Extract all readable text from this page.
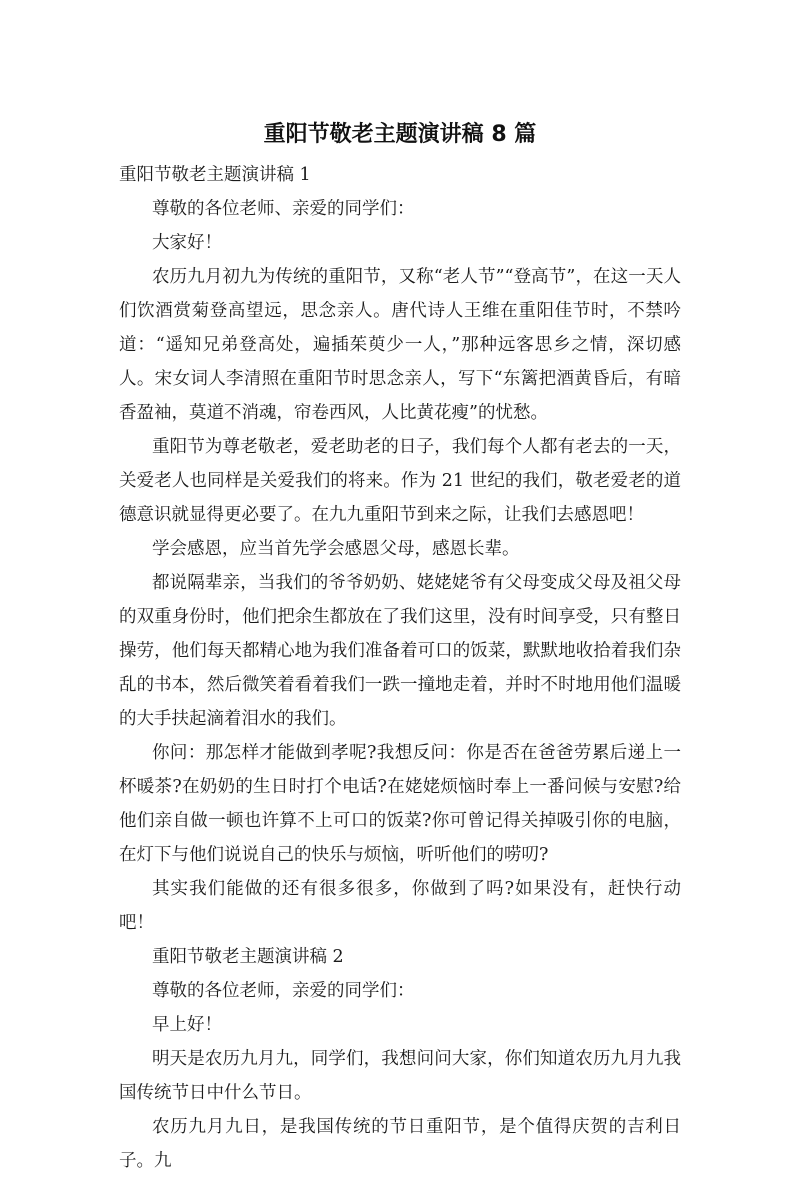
重阳节敬老主题演讲稿 8 篇

重阳节敬老主题演讲稿 1

尊敬的各位老师、亲爱的同学们：

大家好！

农历九月初九为传统的重阳节，又称“老人节”“登高节”，在这一天人们饮酒赏菊登高望远，思念亲人。唐代诗人王维在重阳佳节时，不禁吟道：“遥知兄弟登高处，遍插茱萸少一人，”那种远客思乡之情，深切感人。宋女词人李清照在重阳节时思念亲人，写下“东篱把酒黄昏后，有暗香盈袖，莫道不消魂，帘卷西风，人比黄花瘦”的忧愁。

重阳节为尊老敬老，爱老助老的日子，我们每个人都有老去的一天，关爱老人也同样是关爱我们的将来。作为 21 世纪的我们，敬老爱老的道德意识就显得更必要了。在九九重阳节到来之际，让我们去感恩吧！

学会感恩，应当首先学会感恩父母，感恩长辈。

都说隔辈亲，当我们的爷爷奶奶、姥姥姥爷有父母变成父母及祖父母的双重身份时，他们把余生都放在了我们这里，没有时间享受，只有整日操劳，他们每天都精心地为我们准备着可口的饭菜，默默地收拾着我们杂乱的书本，然后微笑着看着我们一跌一撞地走着，并时不时地用他们温暖的大手扶起滴着泪水的我们。

你问：那怎样才能做到孝呢?我想反问：你是否在爸爸劳累后递上一杯暖茶?在奶奶的生日时打个电话?在姥姥烦恼时奉上一番问候与安慰?给他们亲自做一顿也许算不上可口的饭菜?你可曾记得关掉吸引你的电脑，在灯下与他们说说自己的快乐与烦恼，听听他们的唠叨?

其实我们能做的还有很多很多，你做到了吗?如果没有，赶快行动吧！

重阳节敬老主题演讲稿 2

尊敬的各位老师，亲爱的同学们：

早上好！

明天是农历九月九，同学们，我想问问大家，你们知道农历九月九我国传统节日中什么节日。

农历九月九日，是我国传统的节日重阳节，是个值得庆贺的吉利日子。九
